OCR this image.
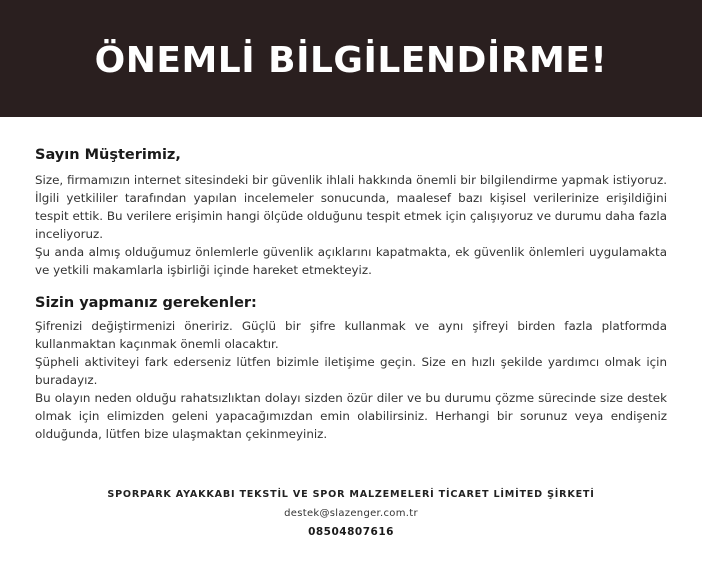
ÖNEMLİ BİLGİLENDİRME!
Sayın Müşterimiz,

Size, firmamızın internet sitesindeki bir güvenlik ihlali hakkında önemli bir bilgilendirme yapmak istiyoruz. İlgili yetkililer tarafından yapılan incelemeler sonucunda, maalesef bazı kişisel verilerinize erişildiğini tespit ettik. Bu verilere erişimin hangi ölçüde olduğunu tespit etmek için çalışıyoruz ve durumu daha fazla inceliyoruz.

Şu anda almış olduğumuz önlemlerle güvenlik açıklarını kapatmakta, ek güvenlik önlemleri uygulamakta ve yetkili makamlarla işbirliği içinde hareket etmekteyiz.

Sizin yapmanız gerekenler:

Şifrenizi değiştirmenizi öneririz. Güçlü bir şifre kullanmak ve aynı şifreyi birden fazla platformda kullanmaktan kaçınmak önemli olacaktır.

Şüpheli aktiviteyi fark ederseniz lütfen bizimle iletişime geçin. Size en hızlı şekilde yardımcı olmak için buradayız.

Bu olayın neden olduğu rahatsızlıktan dolayı sizden özür diler ve bu durumu çözme sürecinde size destek olmak için elimizden geleni yapacağımızdan emin olabilirsiniz. Herhangi bir sorunuz veya endişeniz olduğunda, lütfen bize ulaşmaktan çekinmeyiniz.

SPORPARK AYAKKABI TEKSTİL VE SPOR MALZEMELERİ TİCARET LİMİTED ŞİRKETİ
destek@slazenger.com.tr
08504807616
